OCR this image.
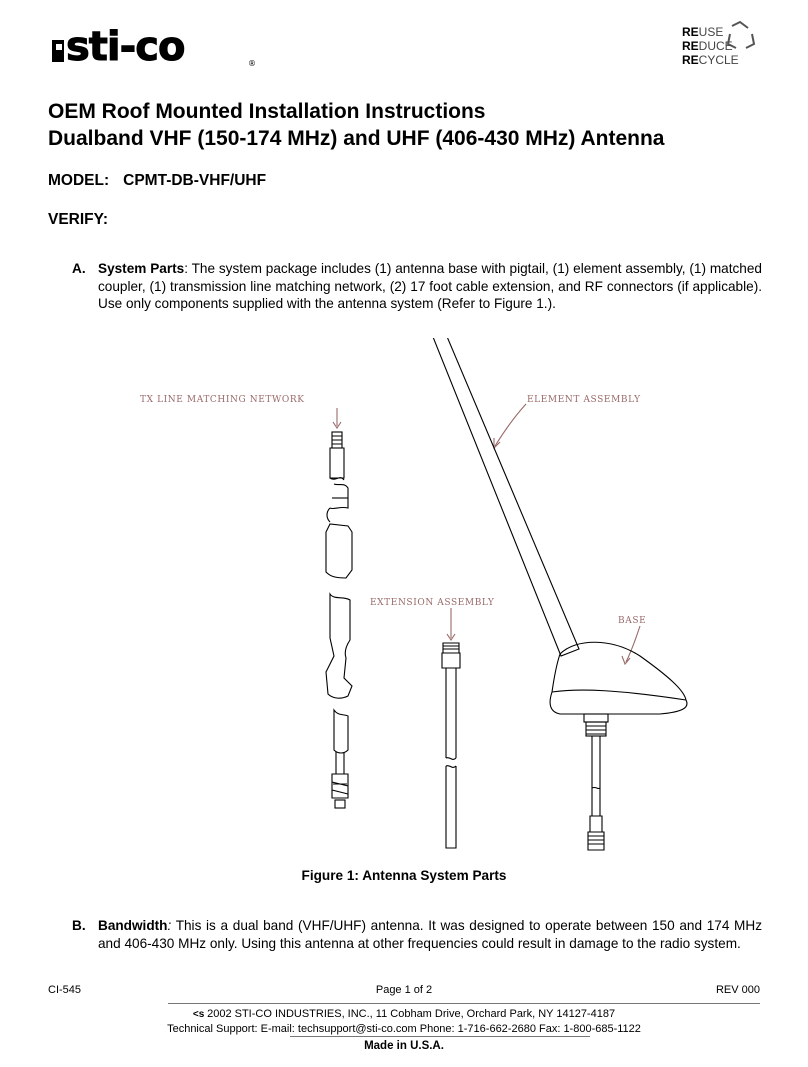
sti-co	®
REUSE
REDUCE
RECYCLE
OEM Roof Mounted Installation Instructions
Dualband VHF (150-174 MHz) and UHF (406-430 MHz) Antenna
MODEL: CPMT-DB-VHF/UHF
VERIFY:
A. System Parts: The system package includes (1) antenna base with pigtail, (1) element assembly, (1) matched coupler, (1) transmission line matching network, (2) 17 foot cable extension, and RF connectors (if applicable). Use only components supplied with the antenna system (Refer to Figure 1.).
TX LINE MATCHING NETWORK	ELEMENT ASSEMBLY
EXTENSION ASSEMBLY
BASE
Figure 1: Antenna System Parts
B. Bandwidth: This is a dual band (VHF/UHF) antenna. It was designed to operate between 150 and 174 MHz and 406-430 MHz only. Using this antenna at other frequencies could result in damage to the radio system.
CI-545	Page 1 of 2	REV 000
<s 2002 STI-CO INDUSTRIES, INC., 11 Cobham Drive, Orchard Park, NY 14127-4187
Technical Support: E-mail: techsupport@sti-co.com Phone: 1-716-662-2680 Fax: 1-800-685-1122
Made in U.S.A.
